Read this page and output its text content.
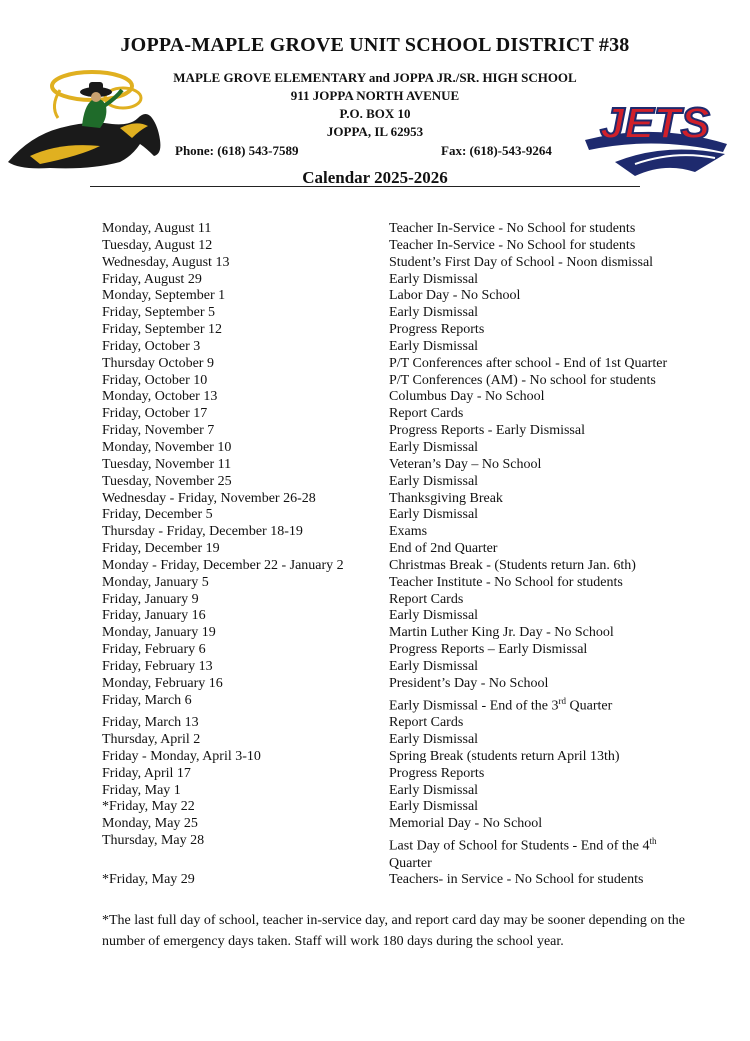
JOPPA-MAPLE GROVE UNIT SCHOOL DISTRICT #38
MAPLE GROVE ELEMENTARY and JOPPA JR./SR. HIGH SCHOOL
911 JOPPA NORTH AVENUE
P.O. BOX 10
JOPPA, IL 62953
Phone: (618) 543-7589	Fax: (618)-543-9264
JETS
Calendar 2025-2026
Monday, August 11	Teacher In-Service - No School for students
Tuesday, August 12	Teacher In-Service - No School for students
Wednesday, August 13	Student’s First Day of School - Noon dismissal
Friday, August 29	Early Dismissal
Monday, September 1	Labor Day - No School
Friday, September 5	Early Dismissal
Friday, September 12	Progress Reports
Friday, October 3	Early Dismissal
Thursday October 9	P/T Conferences after school - End of 1st Quarter
Friday, October 10	P/T Conferences (AM) - No school for students
Monday, October 13	Columbus Day - No School
Friday, October 17	Report Cards
Friday, November 7	Progress Reports - Early Dismissal
Monday, November 10	Early Dismissal
Tuesday, November 11	Veteran’s Day – No School
Tuesday, November 25	Early Dismissal
Wednesday - Friday, November 26-28	Thanksgiving Break
Friday, December 5	Early Dismissal
Thursday - Friday, December 18-19	Exams
Friday, December 19	End of 2nd Quarter
Monday - Friday, December 22 - January 2	Christmas Break - (Students return Jan. 6th)
Monday, January 5	Teacher Institute - No School for students
Friday, January 9	Report Cards
Friday, January 16	Early Dismissal
Monday, January 19	Martin Luther King Jr. Day - No School
Friday, February 6	Progress Reports – Early Dismissal
Friday, February 13	Early Dismissal
Monday, February 16	President’s Day - No School
Friday, March 6	Early Dismissal - End of the 3rd Quarter
Friday, March 13	Report Cards
Thursday, April 2	Early Dismissal
Friday - Monday, April 3-10	Spring Break (students return April 13th)
Friday, April 17	Progress Reports
Friday, May 1	Early Dismissal
*Friday, May 22	Early Dismissal
Monday, May 25	Memorial Day - No School
Thursday, May 28	Last Day of School for Students - End of the 4th Quarter
*Friday, May 29	Teachers- in Service - No School for students
*The last full day of school, teacher in-service day, and report card day may be sooner depending on the number of emergency days taken. Staff will work 180 days during the school year.
